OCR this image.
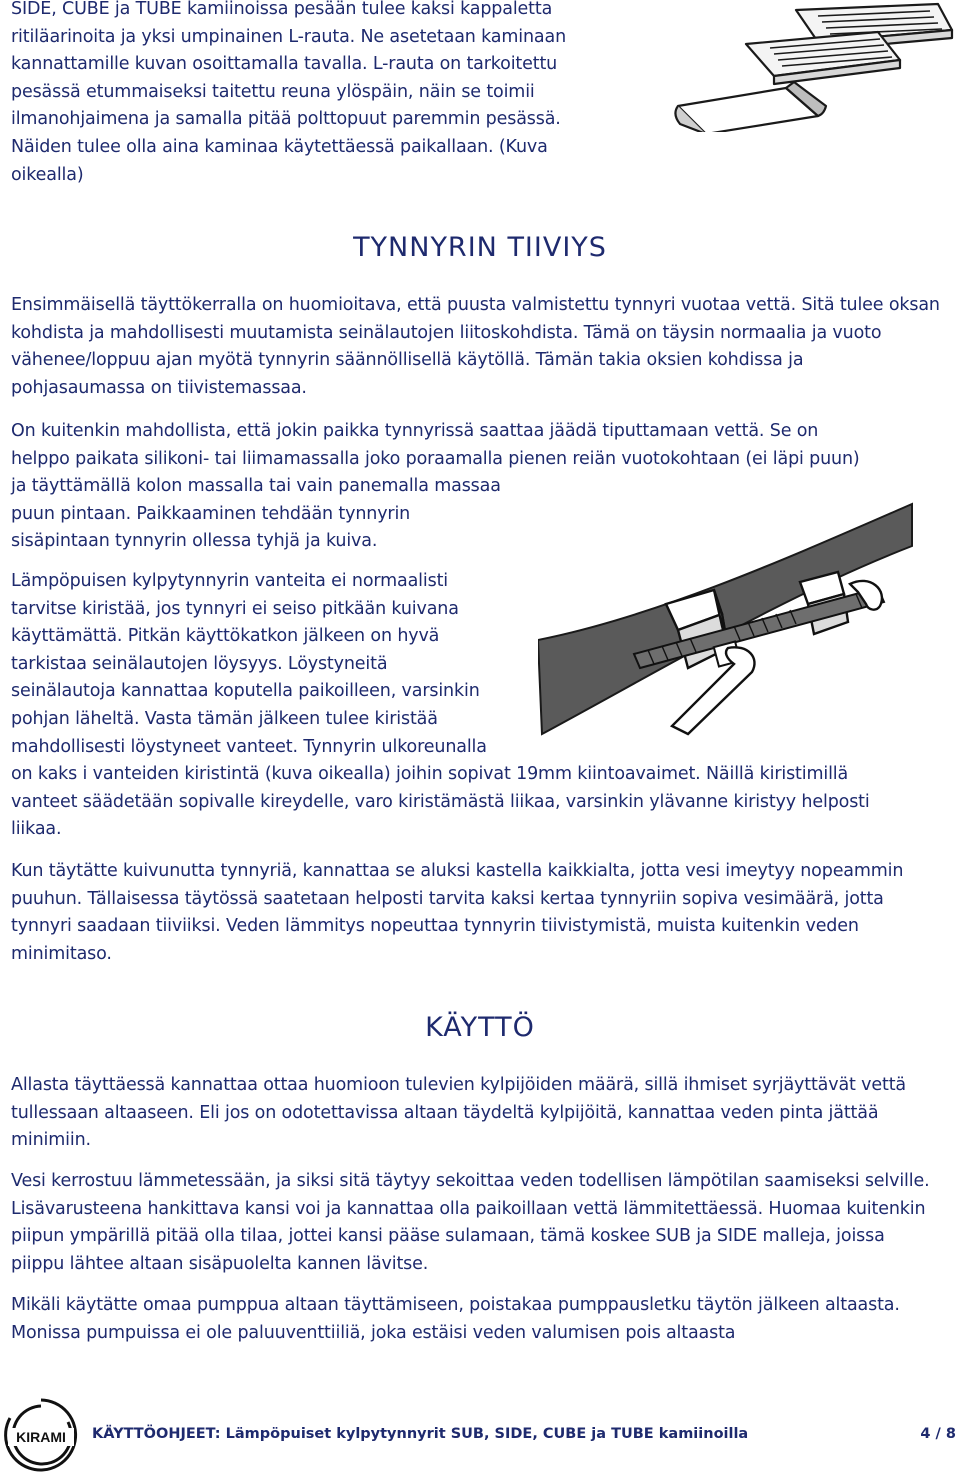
SIDE, CUBE ja TUBE kamiinoissa pesään tulee kaksi kappaletta
ritiläarinoita ja yksi umpinainen L-rauta. Ne asetetaan kaminaan
kannattamille kuvan osoittamalla tavalla. L-rauta on tarkoitettu
pesässä etummaiseksi taitettu reuna ylöspäin, näin se toimii
ilmanohjaimena ja samalla pitää polttopuut paremmin pesässä.
Näiden tulee olla aina kaminaa käytettäessä paikallaan. (Kuva
oikealla)

TYNNYRIN TIIVIYS

Ensimmäisellä täyttökerralla on huomioitava, että puusta valmistettu tynnyri vuotaa vettä. Sitä tulee oksan kohdista ja mahdollisesti muutamista seinälautojen liitoskohdista. Tämä on täysin normaalia ja vuoto vähenee/loppuu ajan myötä tynnyrin säännöllisellä käytöllä. Tämän takia oksien kohdissa ja pohjasaumassa on tiivistemassaa.

On kuitenkin mahdollista, että jokin paikka tynnyrissä saattaa jäädä tiputtamaan vettä. Se on
helppo paikata silikoni- tai liimamassalla joko poraamalla pienen reiän vuotokohtaan (ei läpi puun)
ja täyttämällä kolon massalla tai vain panemalla massaa
puun pintaan. Paikkaaminen tehdään tynnyrin
sisäpintaan tynnyrin ollessa tyhjä ja kuiva.

Lämpöpuisen kylpytynnyrin vanteita ei normaalisti
tarvitse kiristää, jos tynnyri ei seiso pitkään kuivana
käyttämättä. Pitkän käyttökatkon jälkeen on hyvä
tarkistaa seinälautojen löysyys. Löystyneitä
seinälautoja kannattaa koputella paikoilleen, varsinkin
pohjan läheltä. Vasta tämän jälkeen tulee kiristää
mahdollisesti löystyneet vanteet. Tynnyrin ulkoreunalla
on kaks i vanteiden kiristintä (kuva oikealla) joihin sopivat 19mm kiintoavaimet. Näillä kiristimillä
vanteet säädetään sopivalle kireydelle, varo kiristämästä liikaa, varsinkin ylävanne kiristyy helposti
liikaa.

Kun täytätte kuivunutta tynnyriä, kannattaa se aluksi kastella kaikkialta, jotta vesi imeytyy nopeammin puuhun. Tällaisessa täytössä saatetaan helposti tarvita kaksi kertaa tynnyriin sopiva vesimäärä, jotta tynnyri saadaan tiiviiksi. Veden lämmitys nopeuttaa tynnyrin tiivistymistä, muista kuitenkin veden minimitaso.

KÄYTTÖ

Allasta täyttäessä kannattaa ottaa huomioon tulevien kylpijöiden määrä, sillä ihmiset syrjäyttävät vettä tullessaan altaaseen. Eli jos on odotettavissa altaan täydeltä kylpijöitä, kannattaa veden pinta jättää minimiin.

Vesi kerrostuu lämmetessään, ja siksi sitä täytyy sekoittaa veden todellisen lämpötilan saamiseksi selville. Lisävarusteena hankittava kansi voi ja kannattaa olla paikoillaan vettä lämmitettäessä. Huomaa kuitenkin piipun ympärillä pitää olla tilaa, jottei kansi pääse sulamaan, tämä koskee SUB ja SIDE malleja, joissa piippu lähtee altaan sisäpuolelta kannen lävitse.

Mikäli käytätte omaa pumppua altaan täyttämiseen, poistakaa pumppausletku täytön jälkeen altaasta. Monissa pumpuissa ei ole paluuventtiiliä, joka estäisi veden valumisen pois altaasta

KIRAMI KÄYTTÖOHJEET: Lämpöpuiset kylpytynnyrit SUB, SIDE, CUBE ja TUBE kamiinoilla	4 / 8
